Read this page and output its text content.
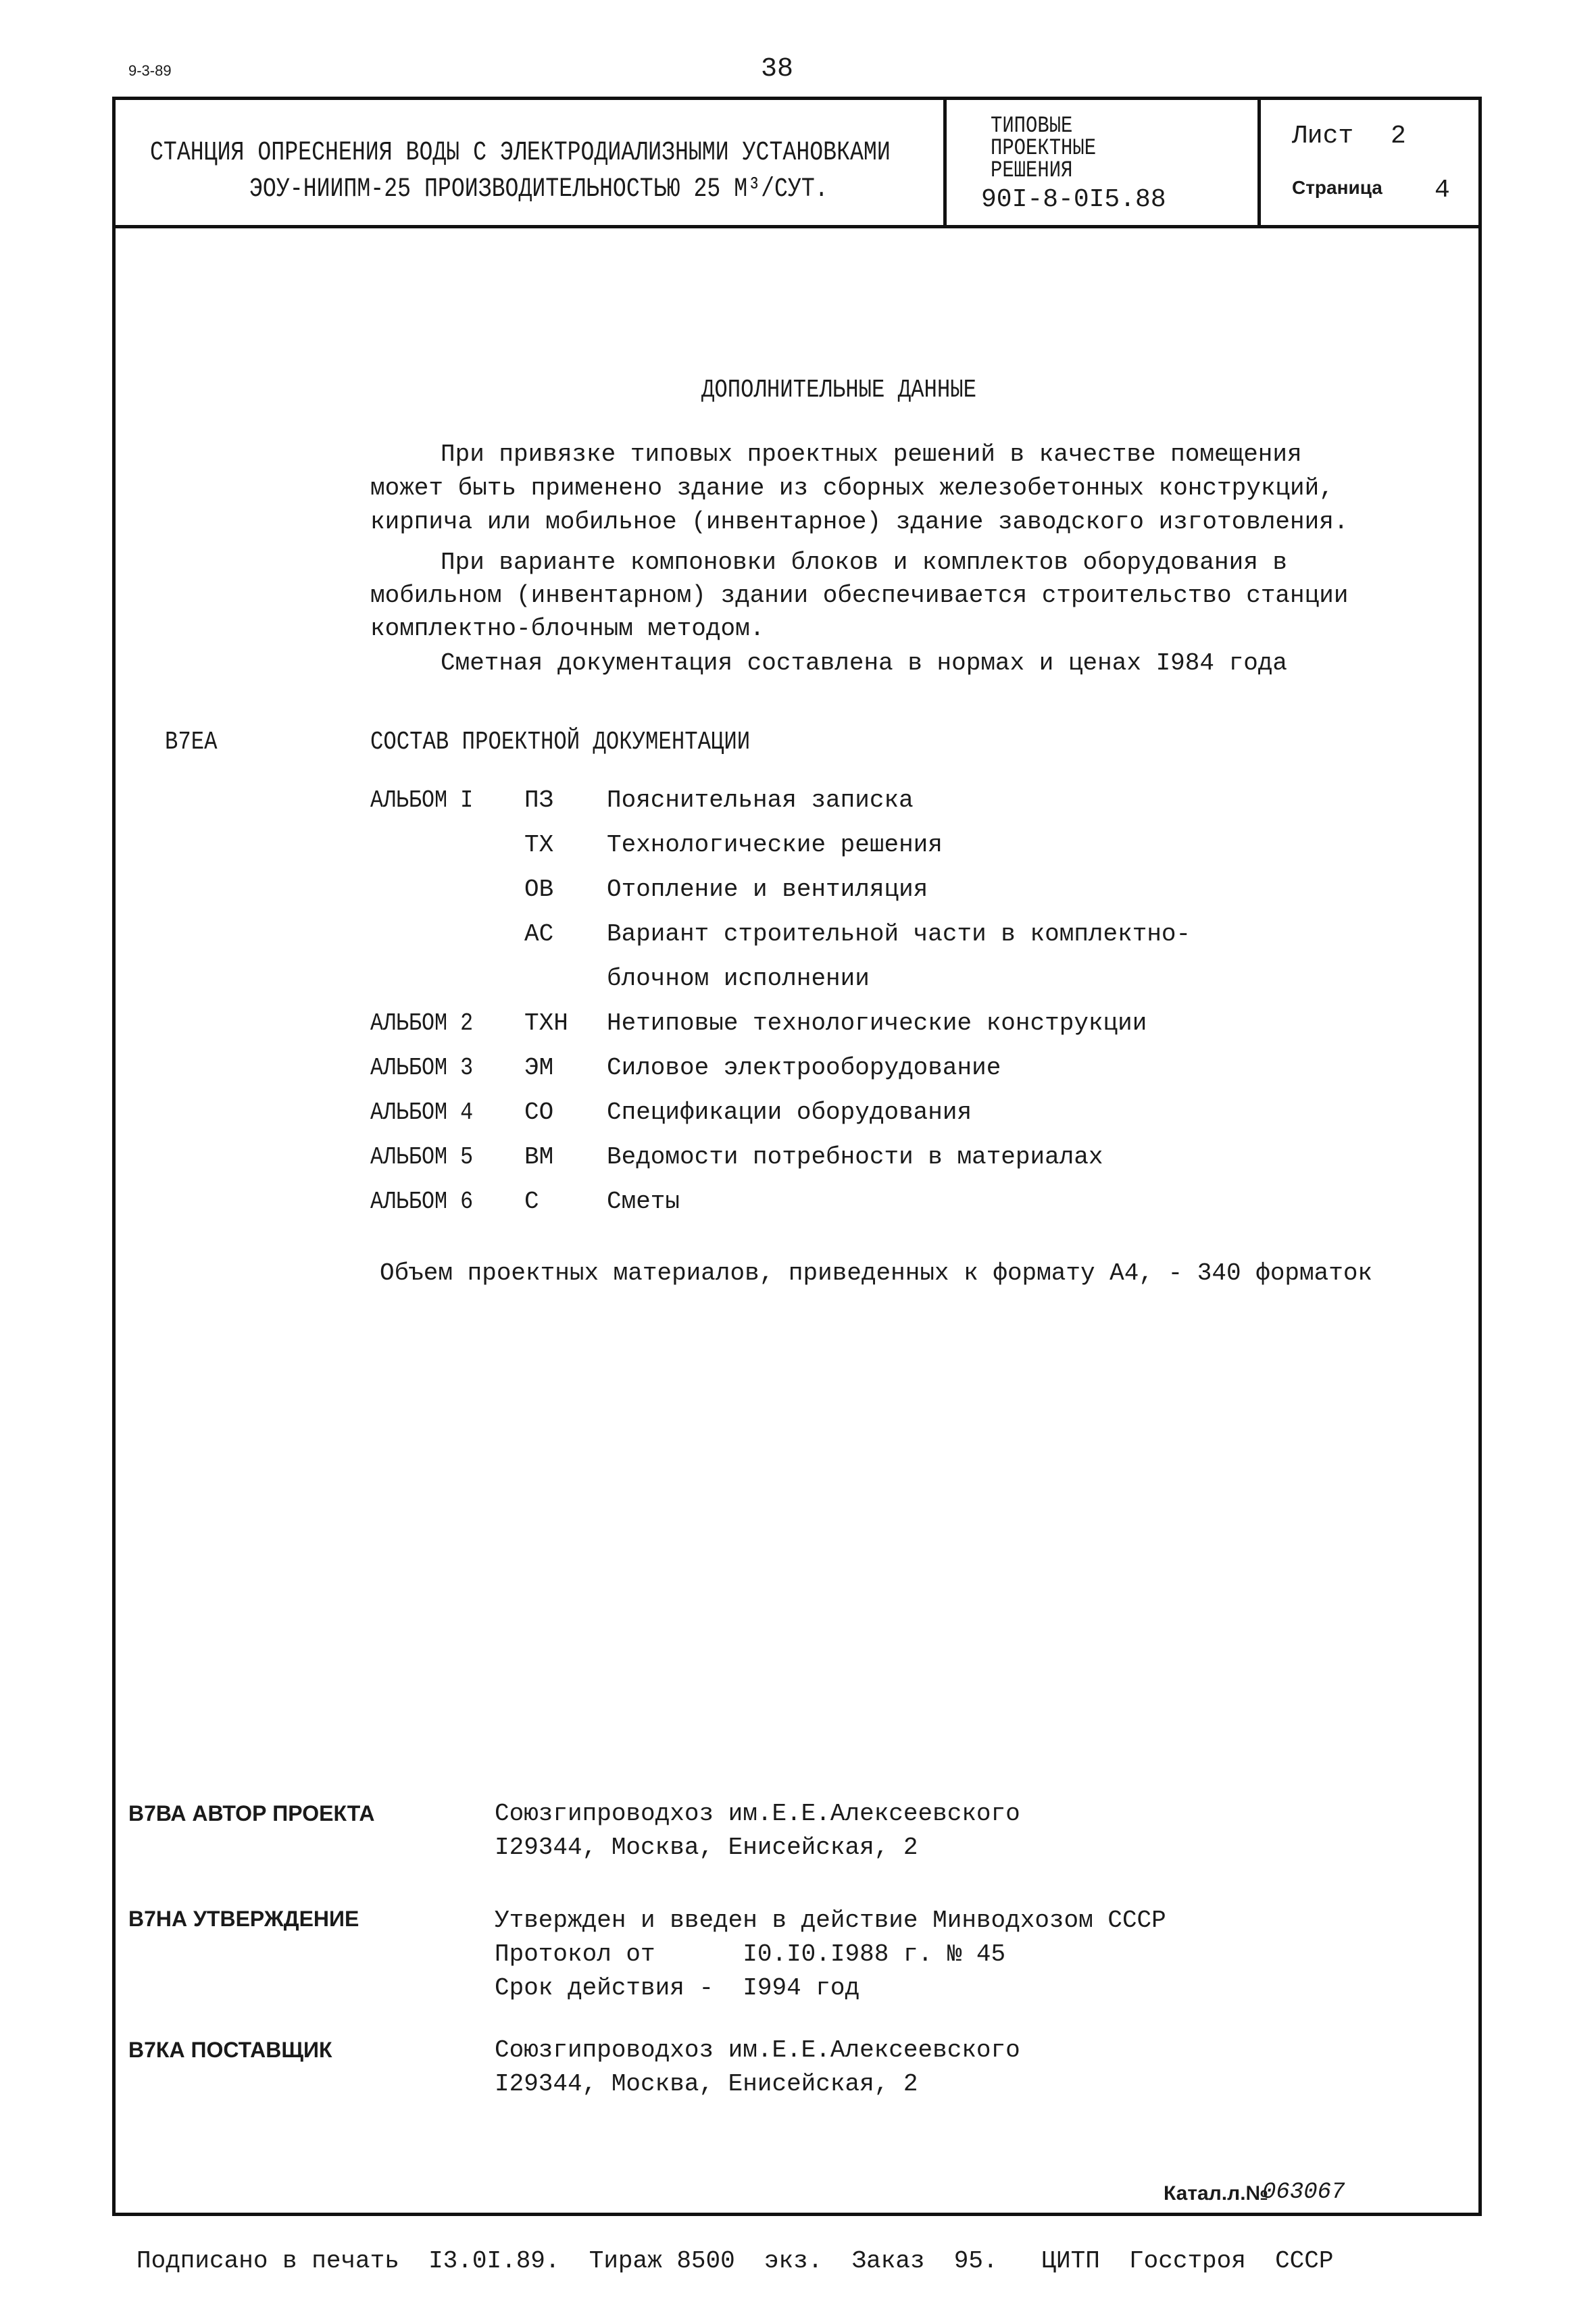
9-3-89	38
СТАНЦИЯ ОПРЕСНЕНИЯ ВОДЫ С ЭЛЕКТРОДИАЛИЗНЫМИ УСТАНОВКАМИ
ЭОУ-НИИПМ-25 ПРОИЗВОДИТЕЛЬНОСТЬЮ 25 М³/СУТ.
ТИПОВЫЕ
ПРОЕКТНЫЕ
РЕШЕНИЯ
90I-8-0I5.88
Лист 2
Страница 4
ДОПОЛНИТЕЛЬНЫЕ ДАННЫЕ
При привязке типовых проектных решений в качестве помещения
может быть применено здание из сборных железобетонных конструкций,
кирпича или мобильное (инвентарное) здание заводского изготовления.
При варианте компоновки блоков и комплектов оборудования в
мобильном (инвентарном) здании обеспечивается строительство станции
комплектно-блочным методом.
Сметная документация составлена в нормах и ценах I984 года
В7ЕА	СОСТАВ ПРОЕКТНОЙ ДОКУМЕНТАЦИИ
АЛЬБОМ I ПЗ Пояснительная записка
ТХ Технологические решения
ОВ Отопление и вентиляция
АС Вариант строительной части в комплектно-
блочном исполнении
АЛЬБОМ 2 ТХН Нетиповые технологические конструкции
АЛЬБОМ 3 ЭМ Силовое электрооборудование
АЛЬБОМ 4 СО Спецификации оборудования
АЛЬБОМ 5 ВМ Ведомости потребности в материалах
АЛЬБОМ 6 С	Сметы
Объем проектных материалов, приведенных к формату А4, - 340 форматок
В7ВА АВТОР ПРОЕКТА	Союзгипроводхоз им.Е.Е.Алексеевского
I29344, Москва, Енисейская, 2
В7НА УТВЕРЖДЕНИЕ	Утвержден и введен в действие Минводхозом СССР
Протокол от      I0.I0.I988 г. № 45
Срок действия -  I994 год
В7КА ПОСТАВЩИК	Союзгипроводхоз им.Е.Е.Алексеевского
I29344, Москва, Енисейская, 2
Катал.л.№
063067
Подписано в печать  I3.0I.89.  Тираж 8500  экз.  Заказ  95.   ЦИТП  Госстроя  СССР
